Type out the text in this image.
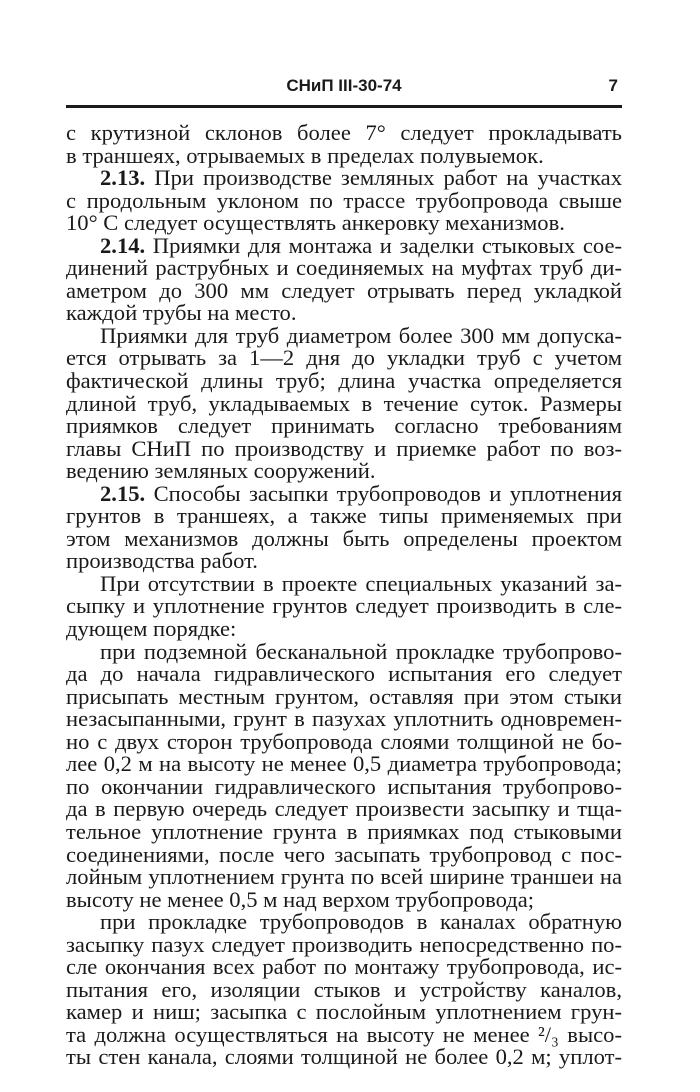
СНиП III-30-74	7
с крутизной склонов более 7° следует прокладывать
в траншеях, отрываемых в пределах полувыемок.
2.13. При производстве земляных работ на участках
с продольным уклоном по трассе трубопровода свыше
10° С следует осуществлять анкеровку механизмов.
2.14. Приямки для монтажа и заделки стыковых сое-
динений раструбных и соединяемых на муфтах труб ди-
аметром до 300 мм следует отрывать перед укладкой
каждой трубы на место.
Приямки для труб диаметром более 300 мм допуска-
ется отрывать за 1—2 дня до укладки труб с учетом
фактической длины труб; длина участка определяется
длиной труб, укладываемых в течение суток. Размеры
приямков следует принимать согласно требованиям
главы СНиП по производству и приемке работ по воз-
ведению земляных сооружений.
2.15. Способы засыпки трубопроводов и уплотнения
грунтов в траншеях, а также типы применяемых при
этом механизмов должны быть определены проектом
производства работ.
При отсутствии в проекте специальных указаний за-
сыпку и уплотнение грунтов следует производить в сле-
дующем порядке:
при подземной бесканальной прокладке трубопрово-
да до начала гидравлического испытания его следует
присыпать местным грунтом, оставляя при этом стыки
незасыпанными, грунт в пазухах уплотнить одновремен-
но с двух сторон трубопровода слоями толщиной не бо-
лее 0,2 м на высоту не менее 0,5 диаметра трубопровода;
по окончании гидравлического испытания трубопрово-
да в первую очередь следует произвести засыпку и тща-
тельное уплотнение грунта в приямках под стыковыми
соединениями, после чего засыпать трубопровод с пос-
лойным уплотнением грунта по всей ширине траншеи на
высоту не менее 0,5 м над верхом трубопровода;
при прокладке трубопроводов в каналах обратную
засыпку пазух следует производить непосредственно по-
сле окончания всех работ по монтажу трубопровода, ис-
пытания его, изоляции стыков и устройству каналов,
камер и ниш; засыпка с послойным уплотнением грун-
та должна осуществляться на высоту не менее ²/₃ высо-
ты стен канала, слоями толщиной не более 0,2 м; уплот-
